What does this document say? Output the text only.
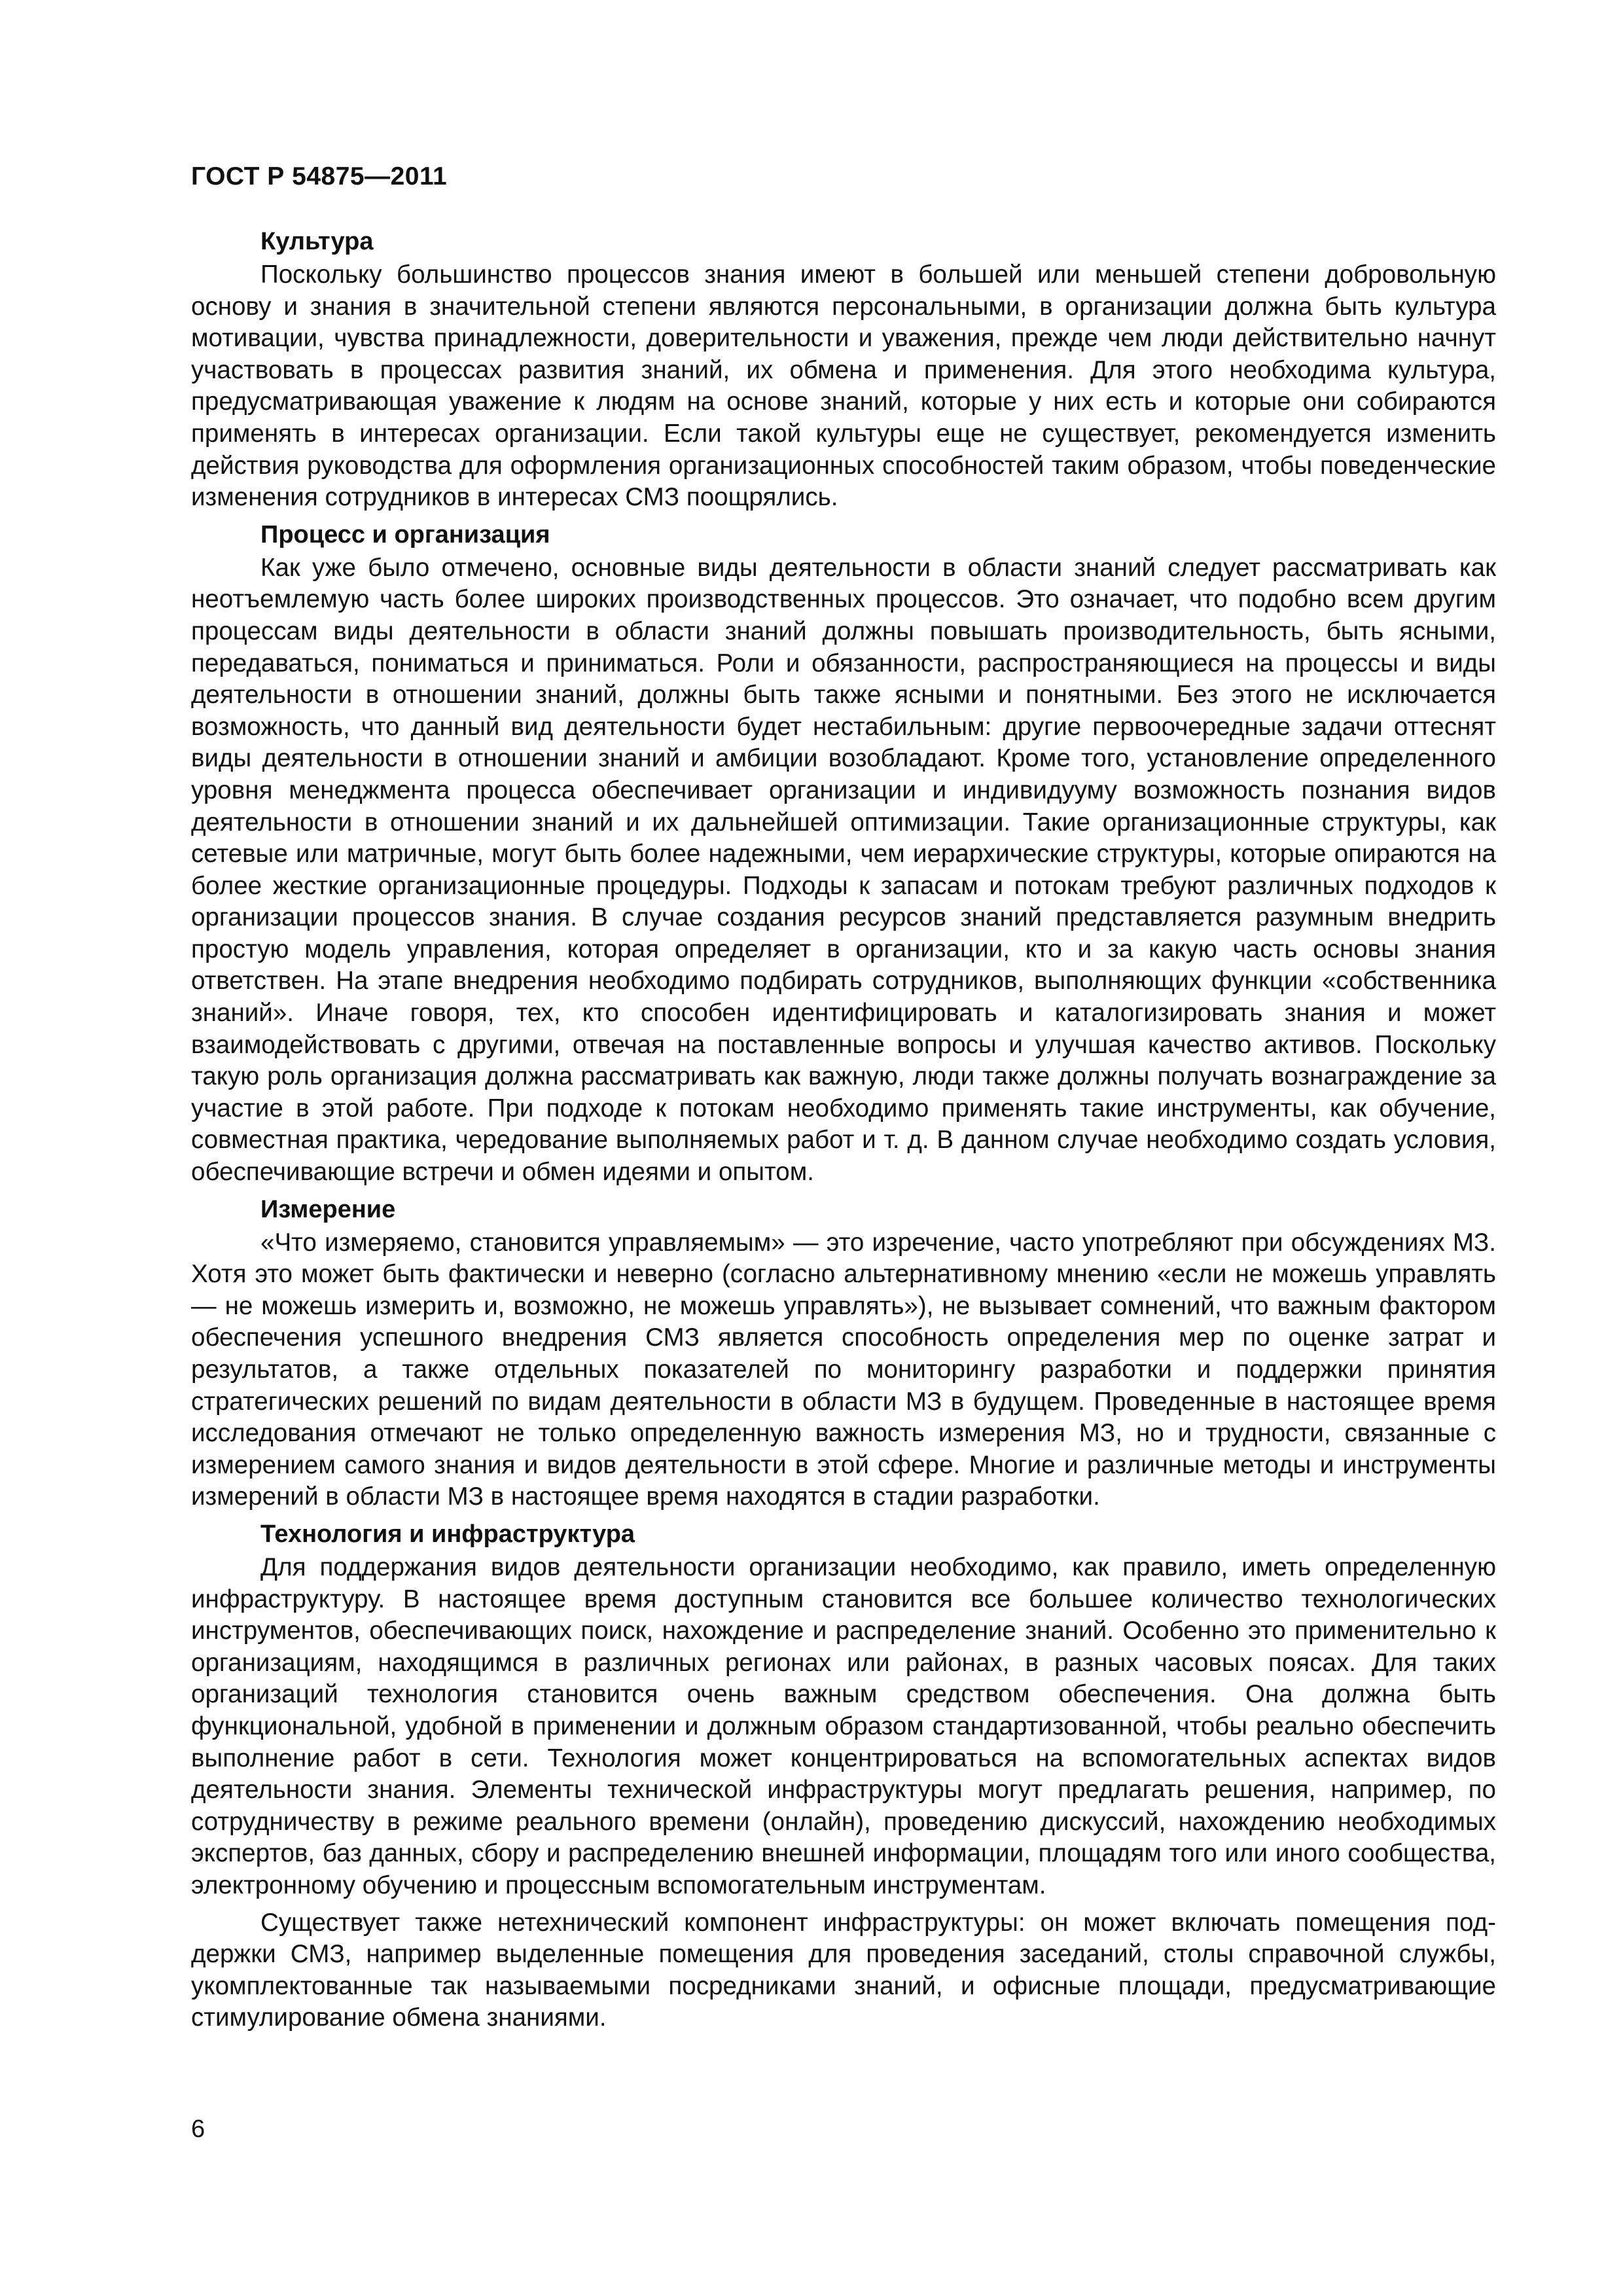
ГОСТ Р 54875—2011
Культура

Поскольку большинство процессов знания имеют в большей или меньшей степени добровольную основу и знания в значительной степени являются персональными, в организации должна быть культура мотивации, чувства принадлежности, доверительности и уважения, прежде чем люди действительно начнут участвовать в процессах развития знаний, их обмена и применения. Для этого необходима культура, предусматривающая уважение к людям на основе знаний, которые у них есть и которые они собираются применять в интересах организации. Если такой культуры еще не существует, рекомендуется изменить действия руководства для оформления организационных способностей таким образом, чтобы поведенческие изменения сотрудников в интересах СМЗ поощрялись.

Процесс и организация

Как уже было отмечено, основные виды деятельности в области знаний следует рассматривать как неотъемлемую часть более широких производственных процессов. Это означает, что подобно всем другим процессам виды деятельности в области знаний должны повышать производительность, быть ясными, передаваться, пониматься и приниматься. Роли и обязанности, распространяющиеся на процессы и виды деятельности в отношении знаний, должны быть также ясными и понятными. Без этого не исключается возможность, что данный вид деятельности будет нестабильным: другие первоочередные задачи оттеснят виды деятельности в отношении знаний и амбиции возобладают. Кроме того, установление определенного уровня менеджмента процесса обеспечивает организации и индивидууму возможность познания видов деятельности в отношении знаний и их дальнейшей оптимизации. Такие организационные структуры, как сетевые или матричные, могут быть более надежными, чем иерархические структуры, которые опираются на более жесткие организационные процедуры. Подходы к запасам и потокам требуют различных подходов к организации процессов знания. В случае создания ресурсов знаний представляется разумным внедрить простую модель управления, которая определяет в организации, кто и за какую часть основы знания ответствен. На этапе внедрения необходимо подбирать сотрудников, выполняющих функции «собственника знаний». Иначе говоря, тех, кто способен идентифицировать и каталогизировать знания и может взаимодействовать с другими, отвечая на поставленные вопросы и улучшая качество активов. Поскольку такую роль организация должна рассматривать как важную, люди также должны получать вознаграждение за участие в этой работе. При подходе к потокам необходимо применять такие инструменты, как обучение, совместная практика, чередование выполняемых работ и т. д. В данном случае необходимо создать условия, обеспечивающие встречи и обмен идеями и опытом.

Измерение

«Что измеряемо, становится управляемым» — это изречение, часто употребляют при обсуждениях МЗ. Хотя это может быть фактически и неверно (согласно альтернативному мнению «если не можешь управлять — не можешь измерить и, возможно, не можешь управлять»), не вызывает сомнений, что важным фактором обеспечения успешного внедрения СМЗ является способность определения мер по оценке затрат и результатов, а также отдельных показателей по мониторингу разработки и поддержки принятия стратегических решений по видам деятельности в области МЗ в будущем. Проведенные в настоящее время исследования отмечают не только определенную важность измерения МЗ, но и трудности, связанные с измерением самого знания и видов деятельности в этой сфере. Многие и различные методы и инструменты измерений в области МЗ в настоящее время находятся в стадии разработки.

Технология и инфраструктура

Для поддержания видов деятельности организации необходимо, как правило, иметь определенную инфраструктуру. В настоящее время доступным становится все большее количество технологических инструментов, обеспечивающих поиск, нахождение и распределение знаний. Особенно это применительно к организациям, находящимся в различных регионах или районах, в разных часовых поясах. Для таких организаций технология становится очень важным средством обеспечения. Она должна быть функциональной, удобной в применении и должным образом стандартизованной, чтобы реально обеспечить выполнение работ в сети. Технология может концентрироваться на вспомогательных аспектах видов деятельности знания. Элементы технической инфраструктуры могут предлагать решения, например, по сотрудничеству в режиме реального времени (онлайн), проведению дискуссий, нахождению необходимых экспертов, баз данных, сбору и распределению внешней информации, площадям того или иного сообщества, электронному обучению и процессным вспомогательным инструментам.

Существует также нетехнический компонент инфраструктуры: он может включать помещения поддержки СМЗ, например выделенные помещения для проведения заседаний, столы справочной службы, укомплектованные так называемыми посредниками знаний, и офисные площади, предусматривающие стимулирование обмена знаниями.

6
